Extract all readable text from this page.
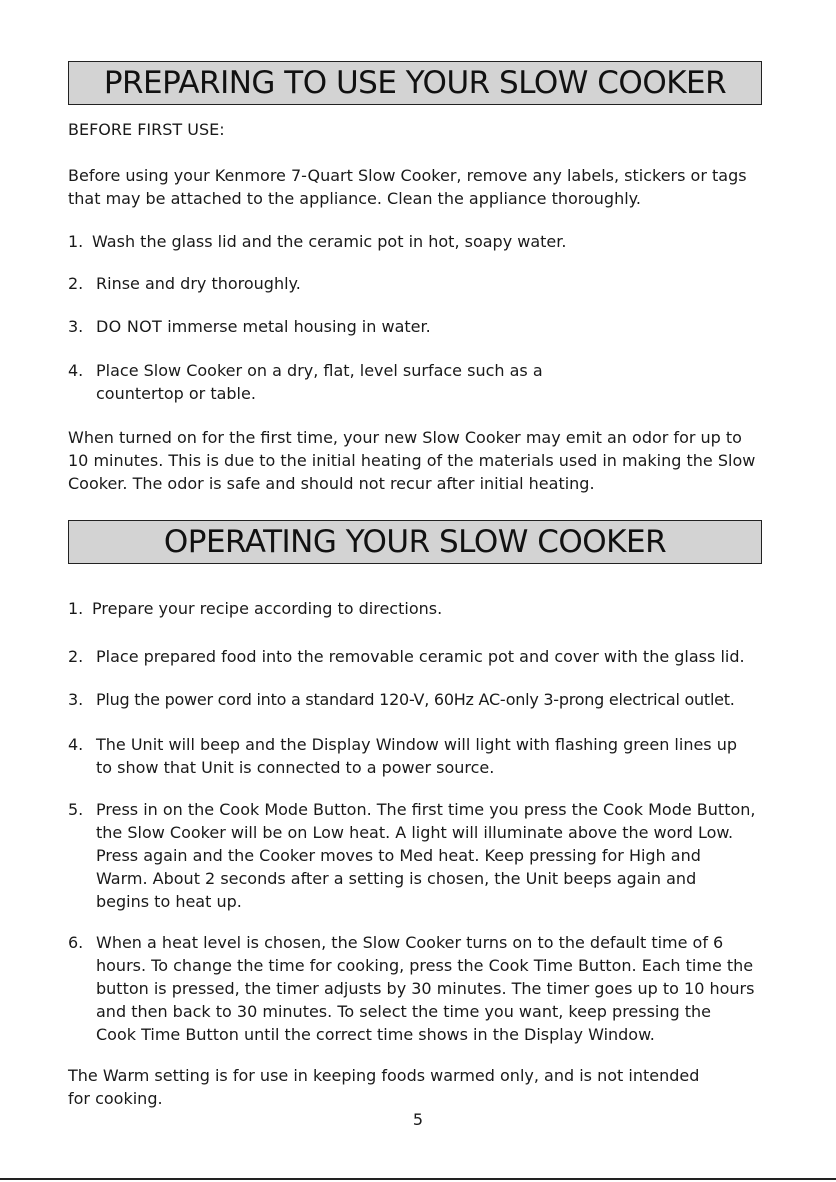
PREPARING TO USE YOUR SLOW COOKER

BEFORE FIRST USE:

Before using your Kenmore 7-Quart Slow Cooker, remove any labels, stickers or tags
that may be attached to the appliance. Clean the appliance thoroughly.

1. Wash the glass lid and the ceramic pot in hot, soapy water.
2. Rinse and dry thoroughly.
3. DO NOT immerse metal housing in water.
4. Place Slow Cooker on a dry, flat, level surface such as a
countertop or table.

When turned on for the first time, your new Slow Cooker may emit an odor for up to
10 minutes. This is due to the initial heating of the materials used in making the Slow
Cooker. The odor is safe and should not recur after initial heating.

OPERATING YOUR SLOW COOKER
1. Prepare your recipe according to directions.
2. Place prepared food into the removable ceramic pot and cover with the glass lid.
3. Plug the power cord into a standard 120-V, 60Hz AC-only 3-prong electrical outlet.
4. The Unit will beep and the Display Window will light with flashing green lines up
to show that Unit is connected to a power source.
5. Press in on the Cook Mode Button. The first time you press the Cook Mode Button,
the Slow Cooker will be on Low heat. A light will illuminate above the word Low.
Press again and the Cooker moves to Med heat. Keep pressing for High and
Warm. About 2 seconds after a setting is chosen, the Unit beeps again and
begins to heat up.
6. When a heat level is chosen, the Slow Cooker turns on to the default time of 6
hours. To change the time for cooking, press the Cook Time Button. Each time the
button is pressed, the timer adjusts by 30 minutes. The timer goes up to 10 hours
and then back to 30 minutes. To select the time you want, keep pressing the
Cook Time Button until the correct time shows in the Display Window.

The Warm setting is for use in keeping foods warmed only, and is not intended
for cooking.

5
